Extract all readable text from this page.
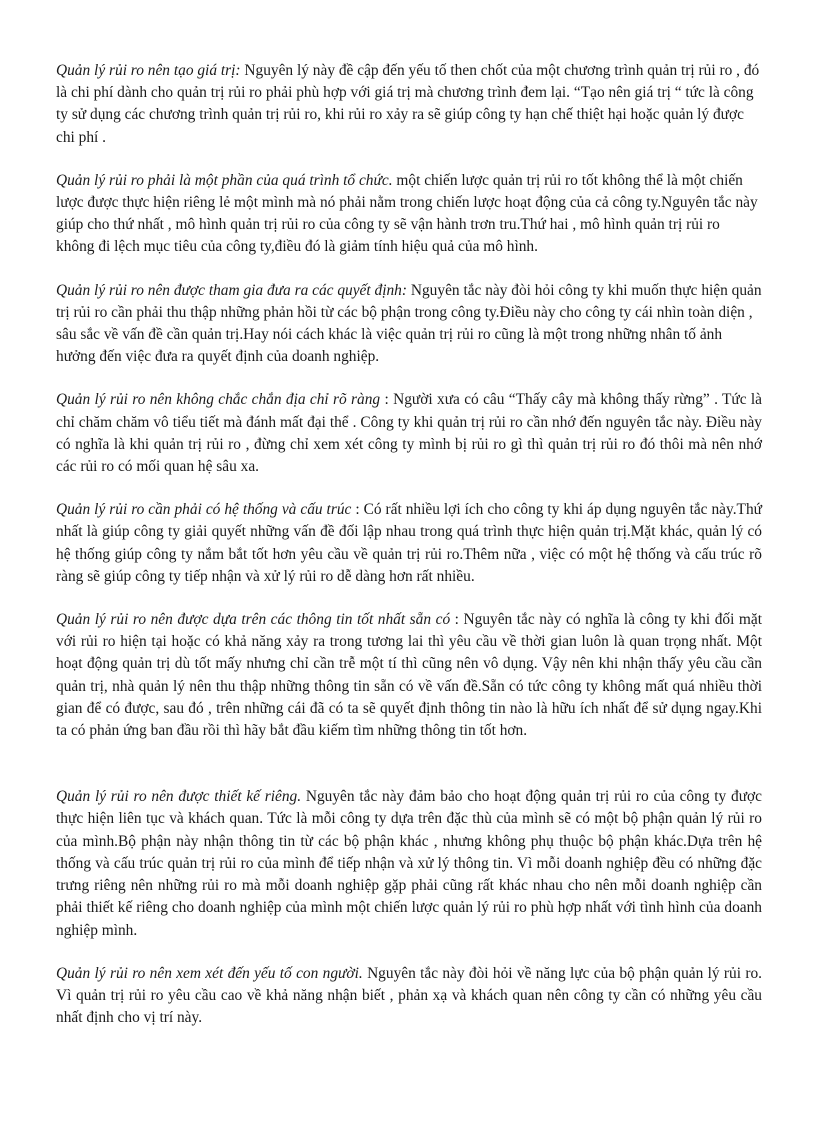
Quản lý rủi ro nên tạo giá trị: Nguyên lý này đề cập đến yếu tố then chốt của một chương trình quản trị rủi ro , đó là chi phí dành cho quản trị rủi ro phải phù hợp với giá trị mà chương trình đem lại. “Tạo nên giá trị “ tức là công ty sử dụng các chương trình quản trị rủi ro, khi rủi ro xảy ra sẽ giúp công ty hạn chế thiệt hại hoặc quản lý được chi phí .

Quản lý rủi ro phải là một phần của quá trình tổ chức. một chiến lược quản trị rủi ro tốt không thể là một chiến lược được thực hiện riêng lẻ một mình mà nó phải nằm trong chiến lược hoạt động của cả công ty.Nguyên tắc này giúp cho thứ nhất , mô hình quản trị rủi ro của công ty sẽ vận hành trơn tru.Thứ hai , mô hình quản trị rủi ro không đi lệch mục tiêu của công ty,điều đó là giảm tính hiệu quả của mô hình.

Quản lý rủi ro nên được tham gia đưa ra các quyết định: Nguyên tắc này đòi hỏi công ty khi muốn thực hiện quản trị rủi ro cần phải thu thập những phản hồi từ các bộ phận trong công ty.Điều này cho công ty cái nhìn toàn diện , sâu sắc về vấn đề cần quản trị.Hay nói cách khác là việc quản trị rủi ro cũng là một trong những nhân tố ảnh hưởng đến việc đưa ra quyết định của doanh nghiệp.

Quản lý rủi ro nên không chắc chắn địa chỉ rõ ràng : Người xưa có câu “Thấy cây mà không thấy rừng” . Tức là chỉ chăm chăm vô tiểu tiết mà đánh mất đại thể . Công ty khi quản trị rủi ro cần nhớ đến nguyên tắc này. Điều này có nghĩa là khi quản trị rủi ro , đừng chỉ xem xét công ty mình bị rủi ro gì thì quản trị rủi ro đó thôi mà nên nhớ các rủi ro có mối quan hệ sâu xa.

Quản lý rủi ro cần phải có hệ thống và cấu trúc : Có rất nhiều lợi ích cho công ty khi áp dụng nguyên tắc này.Thứ nhất là giúp công ty giải quyết những vấn đề đối lập nhau trong quá trình thực hiện quản trị.Mặt khác, quản lý có hệ thống giúp công ty nắm bắt tốt hơn yêu cầu về quản trị rủi ro.Thêm nữa , việc có một hệ thống và cấu trúc rõ ràng sẽ giúp công ty tiếp nhận và xử lý rủi ro dễ dàng hơn rất nhiều.

Quản lý rủi ro nên được dựa trên các thông tin tốt nhất sẵn có : Nguyên tắc này có nghĩa là công ty khi đối mặt với rủi ro hiện tại hoặc có khả năng xảy ra trong tương lai thì yêu cầu về thời gian luôn là quan trọng nhất. Một hoạt động quản trị dù tốt mấy nhưng chỉ cần trễ một tí thì cũng nên vô dụng. Vậy nên khi nhận thấy yêu cầu cần quản trị, nhà quản lý nên thu thập những thông tin sẵn có về vấn đề.Sẵn có tức công ty không mất quá nhiều thời gian để có được, sau đó , trên những cái đã có ta sẽ quyết định thông tin nào là hữu ích nhất để sử dụng ngay.Khi ta có phản ứng ban đầu rồi thì hãy bắt đầu kiếm tìm những thông tin tốt hơn.

Quản lý rủi ro nên được thiết kế riêng. Nguyên tắc này đảm bảo cho hoạt động quản trị rủi ro của công ty được thực hiện liên tục và khách quan. Tức là mỗi công ty dựa trên đặc thù của mình sẽ có một bộ phận quản lý rủi ro của mình.Bộ phận này nhận thông tin từ các bộ phận khác , nhưng không phụ thuộc bộ phận khác.Dựa trên hệ thống và cấu trúc quản trị rủi ro của mình để tiếp nhận và xử lý thông tin. Vì mỗi doanh nghiệp đều có những đặc trưng riêng nên những rủi ro mà mỗi doanh nghiệp gặp phải cũng rất khác nhau cho nên mỗi doanh nghiệp cần phải thiết kế riêng cho doanh nghiệp của mình một chiến lược quản lý rủi ro phù hợp nhất với tình hình của doanh nghiệp mình.

Quản lý rủi ro nên xem xét đến yếu tố con người. Nguyên tắc này đòi hỏi về năng lực của bộ phận quản lý rủi ro. Vì quản trị rủi ro yêu cầu cao về khả năng nhận biết , phản xạ và khách quan nên công ty cần có những yêu cầu nhất định cho vị trí này.
